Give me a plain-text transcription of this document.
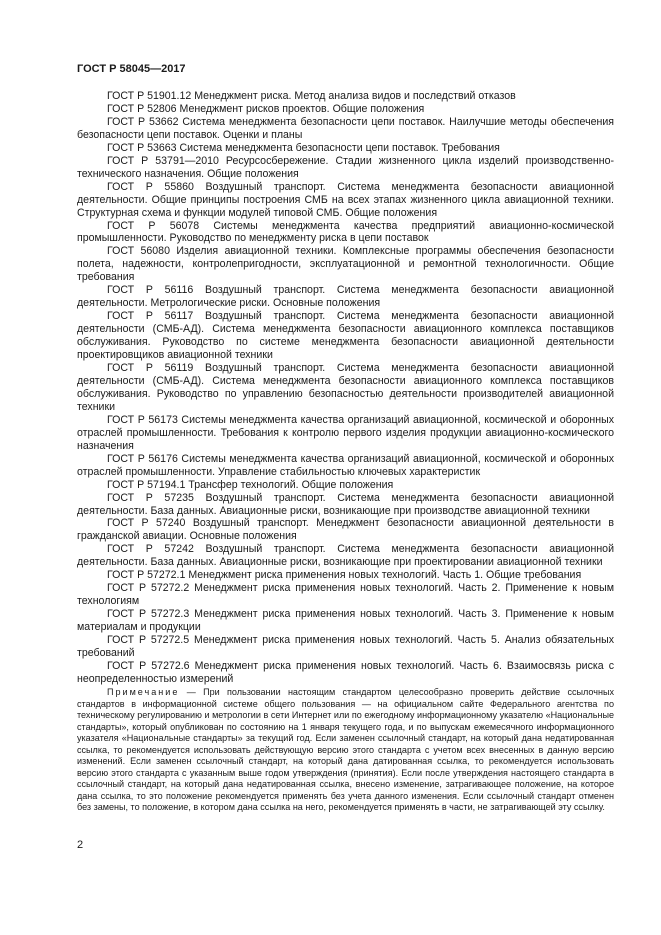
ГОСТ Р 58045—2017

ГОСТ Р 51901.12 Менеджмент риска. Метод анализа видов и последствий отказов

ГОСТ Р 52806 Менеджмент рисков проектов. Общие положения

ГОСТ Р 53662 Система менеджмента безопасности цепи поставок. Наилучшие методы обеспечения безопасности цепи поставок. Оценки и планы

ГОСТ Р 53663 Система менеджмента безопасности цепи поставок. Требования

ГОСТ Р 53791—2010 Ресурсосбережение. Стадии жизненного цикла изделий производственно-технического назначения. Общие положения

ГОСТ Р 55860 Воздушный транспорт. Система менеджмента безопасности авиационной деятельности. Общие принципы построения СМБ на всех этапах жизненного цикла авиационной техники. Структурная схема и функции модулей типовой СМБ. Общие положения

ГОСТ Р 56078 Системы менеджмента качества предприятий авиационно-космической промышленности. Руководство по менеджменту риска в цепи поставок

ГОСТ 56080 Изделия авиационной техники. Комплексные программы обеспечения безопасности полета, надежности, контролепригодности, эксплуатационной и ремонтной технологичности. Общие требования

ГОСТ Р 56116 Воздушный транспорт. Система менеджмента безопасности авиационной деятельности. Метрологические риски. Основные положения

ГОСТ Р 56117 Воздушный транспорт. Система менеджмента безопасности авиационной деятельности (СМБ-АД). Система менеджмента безопасности авиационного комплекса поставщиков обслуживания. Руководство по системе менеджмента безопасности авиационной деятельности проектировщиков авиационной техники

ГОСТ Р 56119 Воздушный транспорт. Система менеджмента безопасности авиационной деятельности (СМБ-АД). Система менеджмента безопасности авиационного комплекса поставщиков обслуживания. Руководство по управлению безопасностью деятельности производителей авиационной техники

ГОСТ Р 56173 Системы менеджмента качества организаций авиационной, космической и оборонных отраслей промышленности. Требования к контролю первого изделия продукции авиационно-космического назначения

ГОСТ Р 56176 Системы менеджмента качества организаций авиационной, космической и оборонных отраслей промышленности. Управление стабильностью ключевых характеристик

ГОСТ Р 57194.1 Трансфер технологий. Общие положения

ГОСТ Р 57235 Воздушный транспорт. Система менеджмента безопасности авиационной деятельности. База данных. Авиационные риски, возникающие при производстве авиационной техники

ГОСТ Р 57240 Воздушный транспорт. Менеджмент безопасности авиационной деятельности в гражданской авиации. Основные положения

ГОСТ Р 57242 Воздушный транспорт. Система менеджмента безопасности авиационной деятельности. База данных. Авиационные риски, возникающие при проектировании авиационной техники

ГОСТ Р 57272.1 Менеджмент риска применения новых технологий. Часть 1. Общие требования

ГОСТ Р 57272.2 Менеджмент риска применения новых технологий. Часть 2. Применение к новым технологиям

ГОСТ Р 57272.3 Менеджмент риска применения новых технологий. Часть 3. Применение к новым материалам и продукции

ГОСТ Р 57272.5 Менеджмент риска применения новых технологий. Часть 5. Анализ обязательных требований

ГОСТ Р 57272.6 Менеджмент риска применения новых технологий. Часть 6. Взаимосвязь риска с неопределенностью измерений

Примечание — При пользовании настоящим стандартом целесообразно проверить действие ссылочных стандартов в информационной системе общего пользования — на официальном сайте Федерального агентства по техническому регулированию и метрологии в сети Интернет или по ежегодному информационному указателю «Национальные стандарты», который опубликован по состоянию на 1 января текущего года, и по выпускам ежемесячного информационного указателя «Национальные стандарты» за текущий год. Если заменен ссылочный стандарт, на который дана недатированная ссылка, то рекомендуется использовать действующую версию этого стандарта с учетом всех внесенных в данную версию изменений. Если заменен ссылочный стандарт, на который дана датированная ссылка, то рекомендуется использовать версию этого стандарта с указанным выше годом утверждения (принятия). Если после утверждения настоящего стандарта в ссылочный стандарт, на который дана недатированная ссылка, внесено изменение, затрагивающее положение, на которое дана ссылка, то это положение рекомендуется применять без учета данного изменения. Если ссылочный стандарт отменен без замены, то положение, в котором дана ссылка на него, рекомендуется применять в части, не затрагивающей эту ссылку.

2
